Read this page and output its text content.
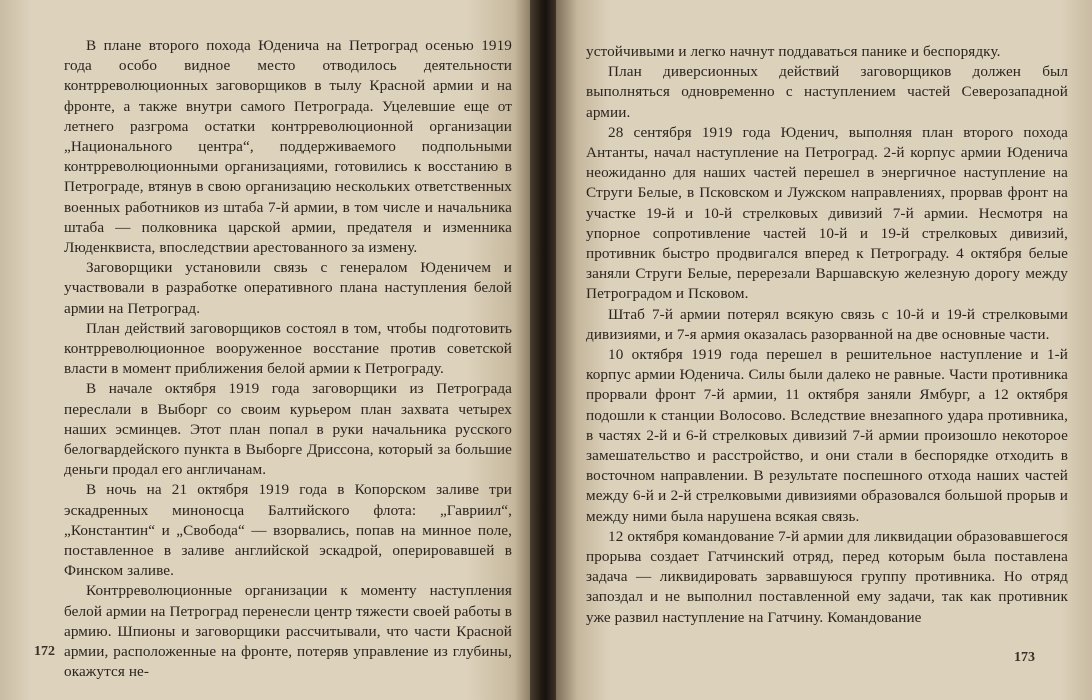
В плане второго похода Юденича на Петроград осенью 1919 года особо видное место отводилось деятельности контрреволюционных заговорщиков в тылу Красной армии и на фронте, а также внутри самого Петрограда. Уцелевшие еще от летнего разгрома остатки контрреволюционной организации „Национального центра“, поддерживаемого подпольными контрреволюционными организациями, готовились к восстанию в Петрограде, втянув в свою организацию нескольких ответственных военных работников из штаба 7-й армии, в том числе и начальника штаба — полковника царской армии, предателя и изменника Люденквиста, впоследствии арестованного за измену.

Заговорщики установили связь с генералом Юденичем и участвовали в разработке оперативного плана наступления белой армии на Петроград.

План действий заговорщиков состоял в том, чтобы подготовить контрреволюционное вооруженное восстание против советской власти в момент приближения белой армии к Петрограду.

В начале октября 1919 года заговорщики из Петрограда переслали в Выборг со своим курьером план захвата четырех наших эсминцев. Этот план попал в руки начальника русского белогвардейского пункта в Выборге Дриссона, который за большие деньги продал его англичанам.

В ночь на 21 октября 1919 года в Копорском заливе три эскадренных миноносца Балтийского флота: „Гавриил“, „Константин“ и „Свобода“ — взорвались, попав на минное поле, поставленное в заливе английской эскадрой, оперировавшей в Финском заливе.

Контрреволюционные организации к моменту наступления белой армии на Петроград перенесли центр тяжести своей работы в армию. Шпионы и заговорщики рассчитывали, что части Красной армии, расположенные на фронте, потеряв управление из глубины, окажутся не-

172

устойчивыми и легко начнут поддаваться панике и беспорядку.

План диверсионных действий заговорщиков должен был выполняться одновременно с наступлением частей Северозападной армии.

28 сентября 1919 года Юденич, выполняя план второго похода Антанты, начал наступление на Петроград. 2-й корпус армии Юденича неожиданно для наших частей перешел в энергичное наступление на Струги Белые, в Псковском и Лужском направлениях, прорвав фронт на участке 19-й и 10-й стрелковых дивизий 7-й армии. Несмотря на упорное сопротивление частей 10-й и 19-й стрелковых дивизий, противник быстро продвигался вперед к Петрограду. 4 октября белые заняли Струги Белые, перерезали Варшавскую железную дорогу между Петроградом и Псковом.

Штаб 7-й армии потерял всякую связь с 10-й и 19-й стрелковыми дивизиями, и 7-я армия оказалась разорванной на две основные части.

10 октября 1919 года перешел в решительное наступление и 1-й корпус армии Юденича. Силы были далеко не равные. Части противника прорвали фронт 7-й армии, 11 октября заняли Ямбург, а 12 октября подошли к станции Волосово. Вследствие внезапного удара противника, в частях 2-й и 6-й стрелковых дивизий 7-й армии произошло некоторое замешательство и расстройство, и они стали в беспорядке отходить в восточном направлении. В результате поспешного отхода наших частей между 6-й и 2-й стрелковыми дивизиями образовался большой прорыв и между ними была нарушена всякая связь.

12 октября командование 7-й армии для ликвидации образовавшегося прорыва создает Гатчинский отряд, перед которым была поставлена задача — ликвидировать зарвавшуюся группу противника. Но отряд запоздал и не выполнил поставленной ему задачи, так как противник уже развил наступление на Гатчину. Командование

173
